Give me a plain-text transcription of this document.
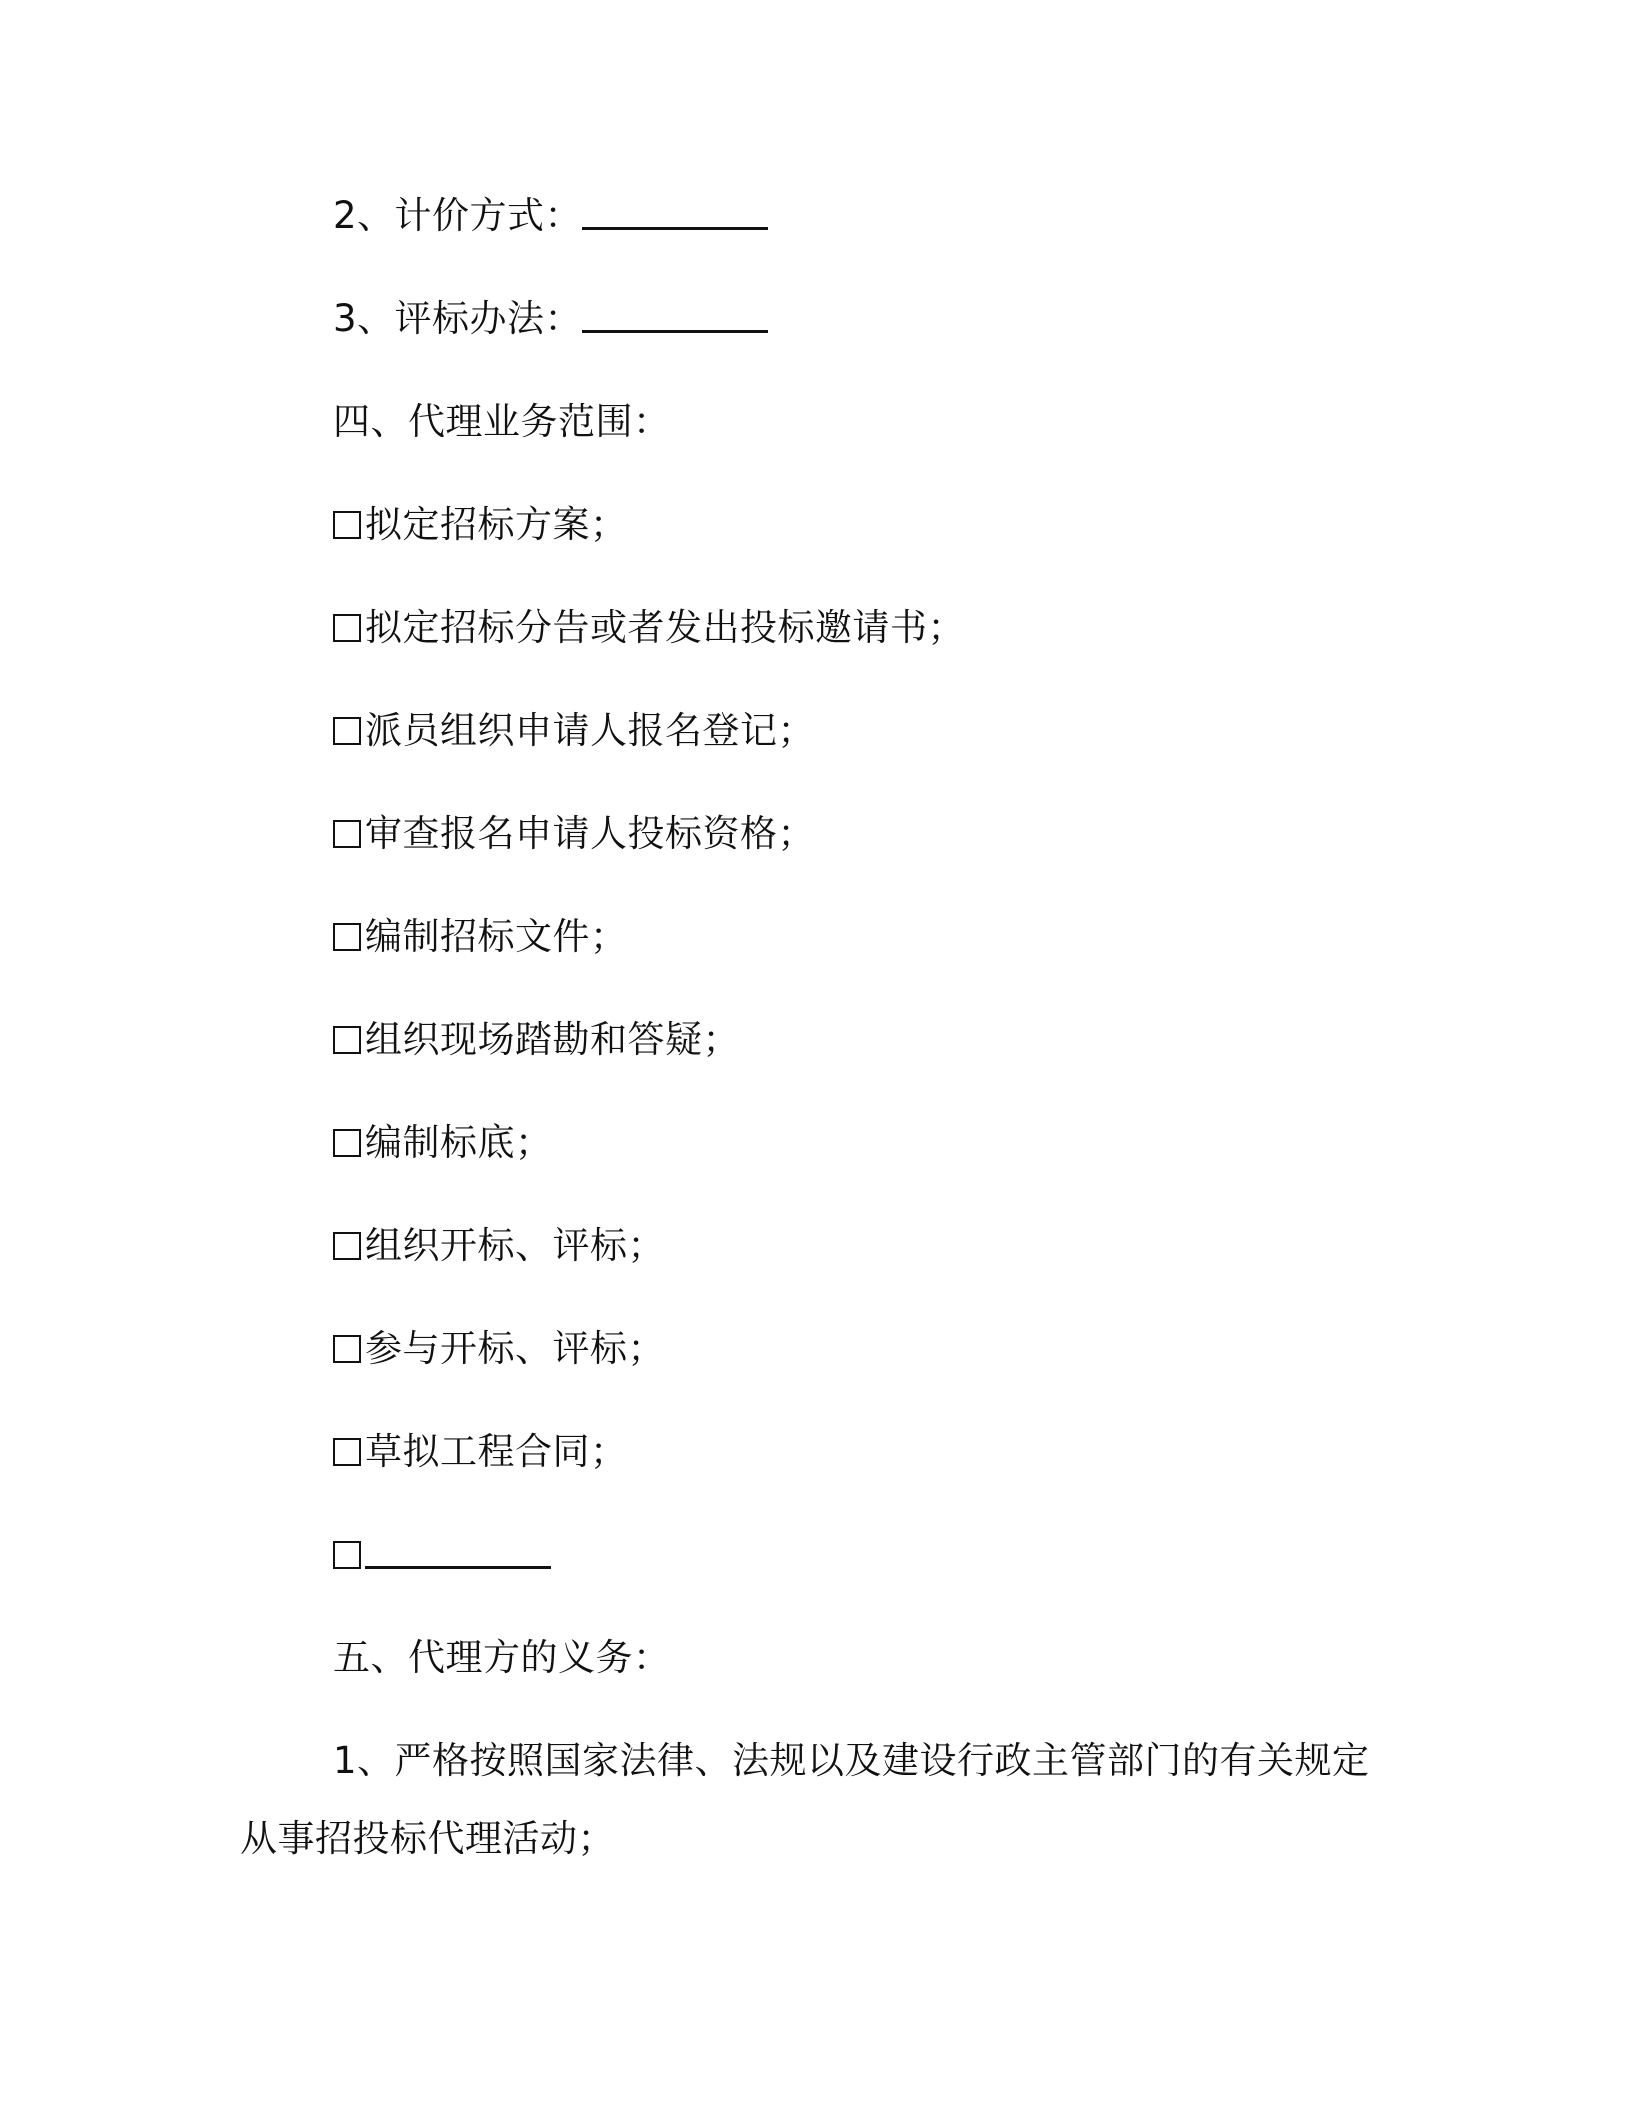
2、计价方式：
3、评标办法：
四、代理业务范围：
拟定招标方案；
拟定招标分告或者发出投标邀请书；
派员组织申请人报名登记；
审查报名申请人投标资格；
编制招标文件；
组织现场踏勘和答疑；
编制标底；
组织开标、评标；
参与开标、评标；
草拟工程合同；
五、代理方的义务：
1、严格按照国家法律、法规以及建设行政主管部门的有关规定
从事招投标代理活动；
